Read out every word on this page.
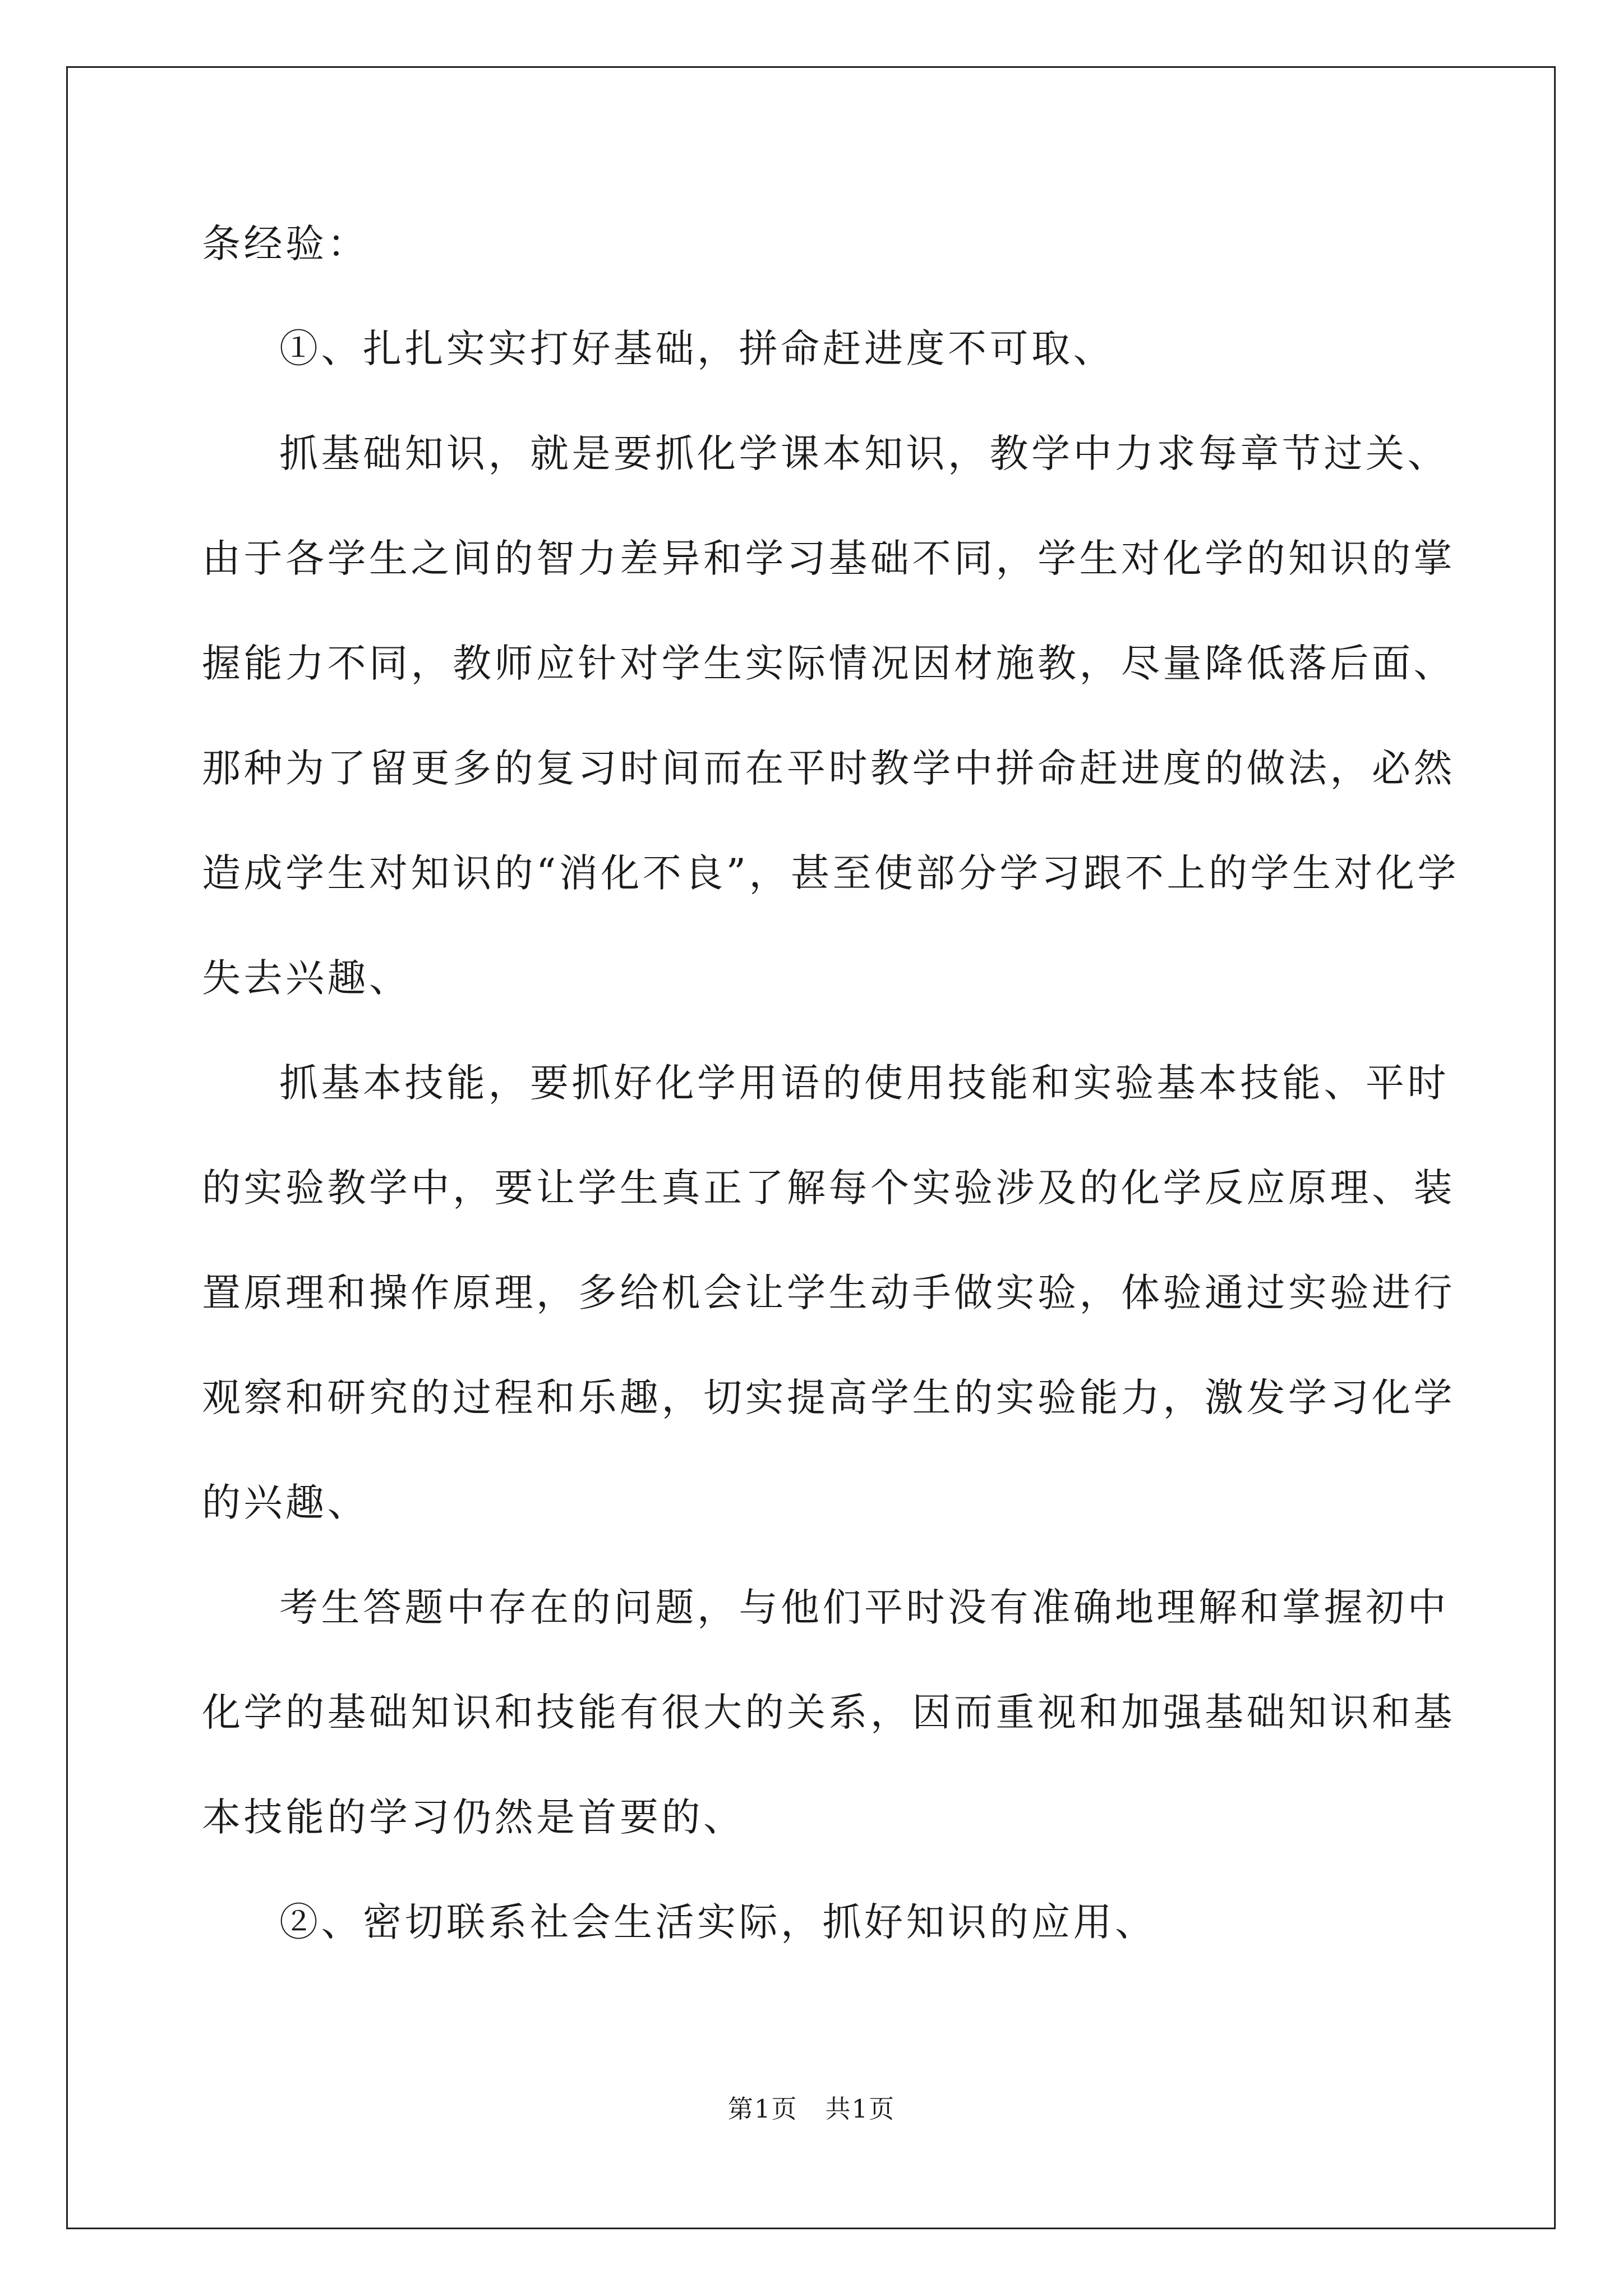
条经验：

①、扎扎实实打好基础，拼命赶进度不可取、

抓基础知识，就是要抓化学课本知识，教学中力求每章节过关、

由于各学生之间的智力差异和学习基础不同，学生对化学的知识的掌

握能力不同，教师应针对学生实际情况因材施教，尽量降低落后面、

那种为了留更多的复习时间而在平时教学中拼命赶进度的做法，必然

造成学生对知识的“消化不良”，甚至使部分学习跟不上的学生对化学

失去兴趣、

抓基本技能，要抓好化学用语的使用技能和实验基本技能、平时

的实验教学中，要让学生真正了解每个实验涉及的化学反应原理、装

置原理和操作原理，多给机会让学生动手做实验，体验通过实验进行

观察和研究的过程和乐趣，切实提高学生的实验能力，激发学习化学

的兴趣、

考生答题中存在的问题，与他们平时没有准确地理解和掌握初中

化学的基础知识和技能有很大的关系，因而重视和加强基础知识和基

本技能的学习仍然是首要的、

②、密切联系社会生活实际，抓好知识的应用、

第1页 共1页
